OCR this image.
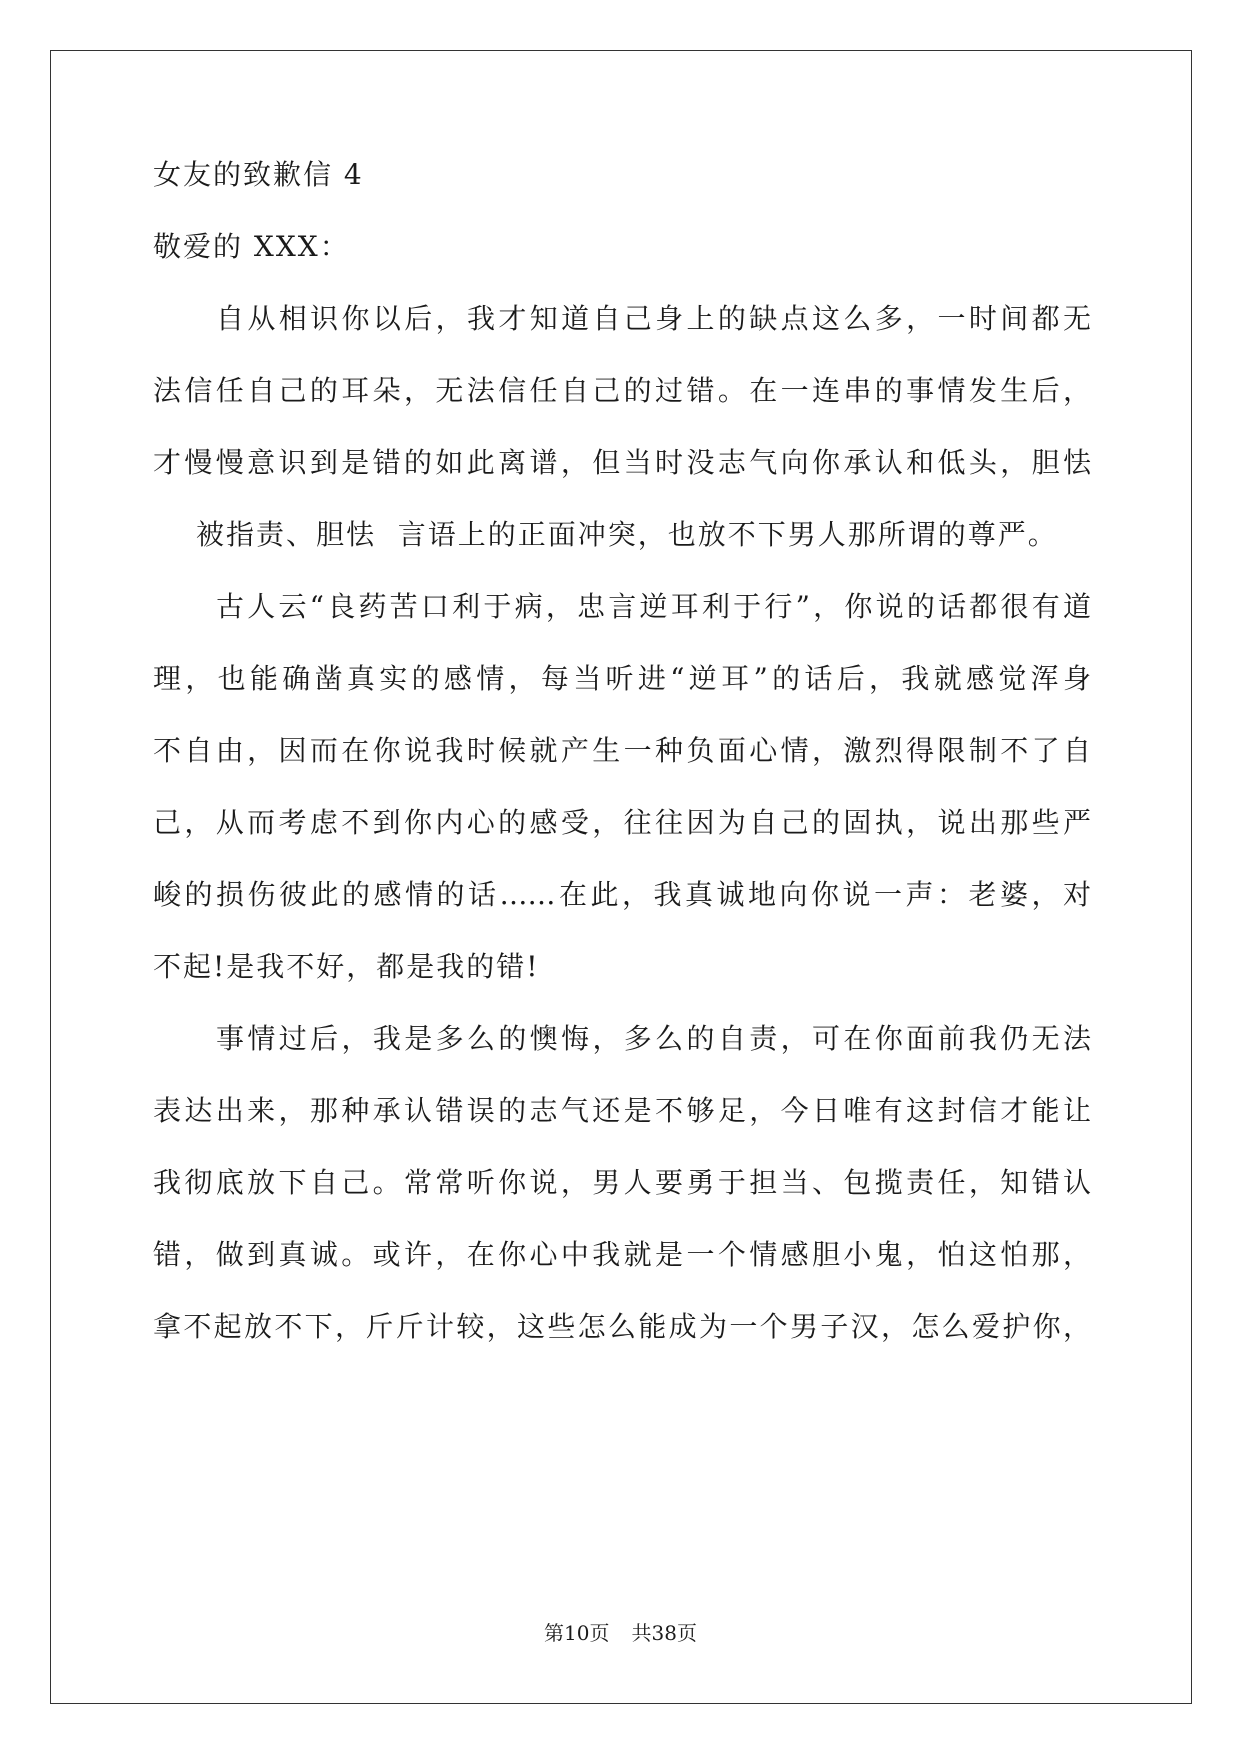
女友的致歉信 4
敬爱的 XXX：
自从相识你以后，我才知道自己身上的缺点这么多，一时间都无
法信任自己的耳朵，无法信任自己的过错。在一连串的事情发生后，
才慢慢意识到是错的如此离谱，但当时没志气向你承认和低头，胆怯
被指责、胆怯  言语上的正面冲突，也放不下男人那所谓的尊严。
古人云“良药苦口利于病，忠言逆耳利于行”，你说的话都很有道
理，也能确凿真实的感情，每当听进“逆耳”的话后，我就感觉浑身
不自由，因而在你说我时候就产生一种负面心情，激烈得限制不了自
己，从而考虑不到你内心的感受，往往因为自己的固执，说出那些严
峻的损伤彼此的感情的话……在此，我真诚地向你说一声：老婆，对
不起!是我不好，都是我的错!
事情过后，我是多么的懊悔，多么的自责，可在你面前我仍无法
表达出来，那种承认错误的志气还是不够足，今日唯有这封信才能让
我彻底放下自己。常常听你说，男人要勇于担当、包揽责任，知错认
错，做到真诚。或许，在你心中我就是一个情感胆小鬼，怕这怕那，
拿不起放不下，斤斤计较，这些怎么能成为一个男子汉，怎么爱护你，
第10页 共38页
